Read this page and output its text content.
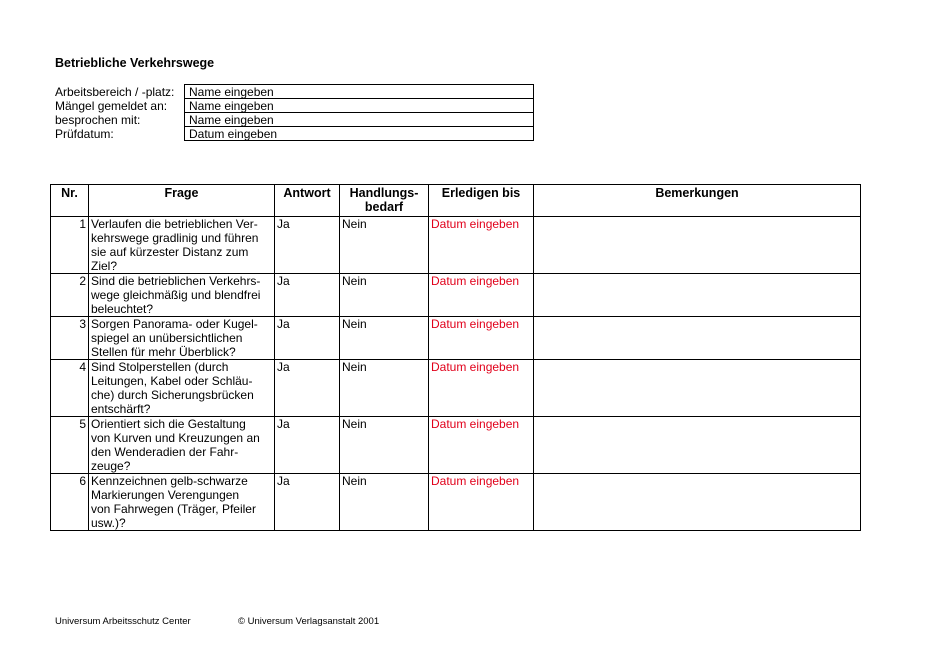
Betriebliche Verkehrswege
Arbeitsbereich / -platz:	Name eingeben
Mängel gemeldet an:	Name eingeben
besprochen mit:	Name eingeben
Prüfdatum:	Datum eingeben
Nr.	Frage	Antwort	Handlungs-
bedarf	Erledigen bis	Bemerkungen
1	Verlaufen die betrieblichen Ver-
kehrswege gradlinig und führen
sie auf kürzester Distanz zum
Ziel?	Ja	Nein	Datum eingeben	
2	Sind die betrieblichen Verkehrs-
wege gleichmäßig und blendfrei
beleuchtet?	Ja	Nein	Datum eingeben	
3	Sorgen Panorama- oder Kugel-
spiegel an unübersichtlichen
Stellen für mehr Überblick?	Ja	Nein	Datum eingeben	
4	Sind Stolperstellen (durch
Leitungen, Kabel oder Schläu-
che) durch Sicherungsbrücken
entschärft?	Ja	Nein	Datum eingeben	
5	Orientiert sich die Gestaltung
von Kurven und Kreuzungen an
den Wenderadien der Fahr-
zeuge?	Ja	Nein	Datum eingeben	
6	Kennzeichnen gelb-schwarze
Markierungen Verengungen
von Fahrwegen (Träger, Pfeiler
usw.)?	Ja	Nein	Datum eingeben	
Universum Arbeitsschutz Center	© Universum Verlagsanstalt 2001
